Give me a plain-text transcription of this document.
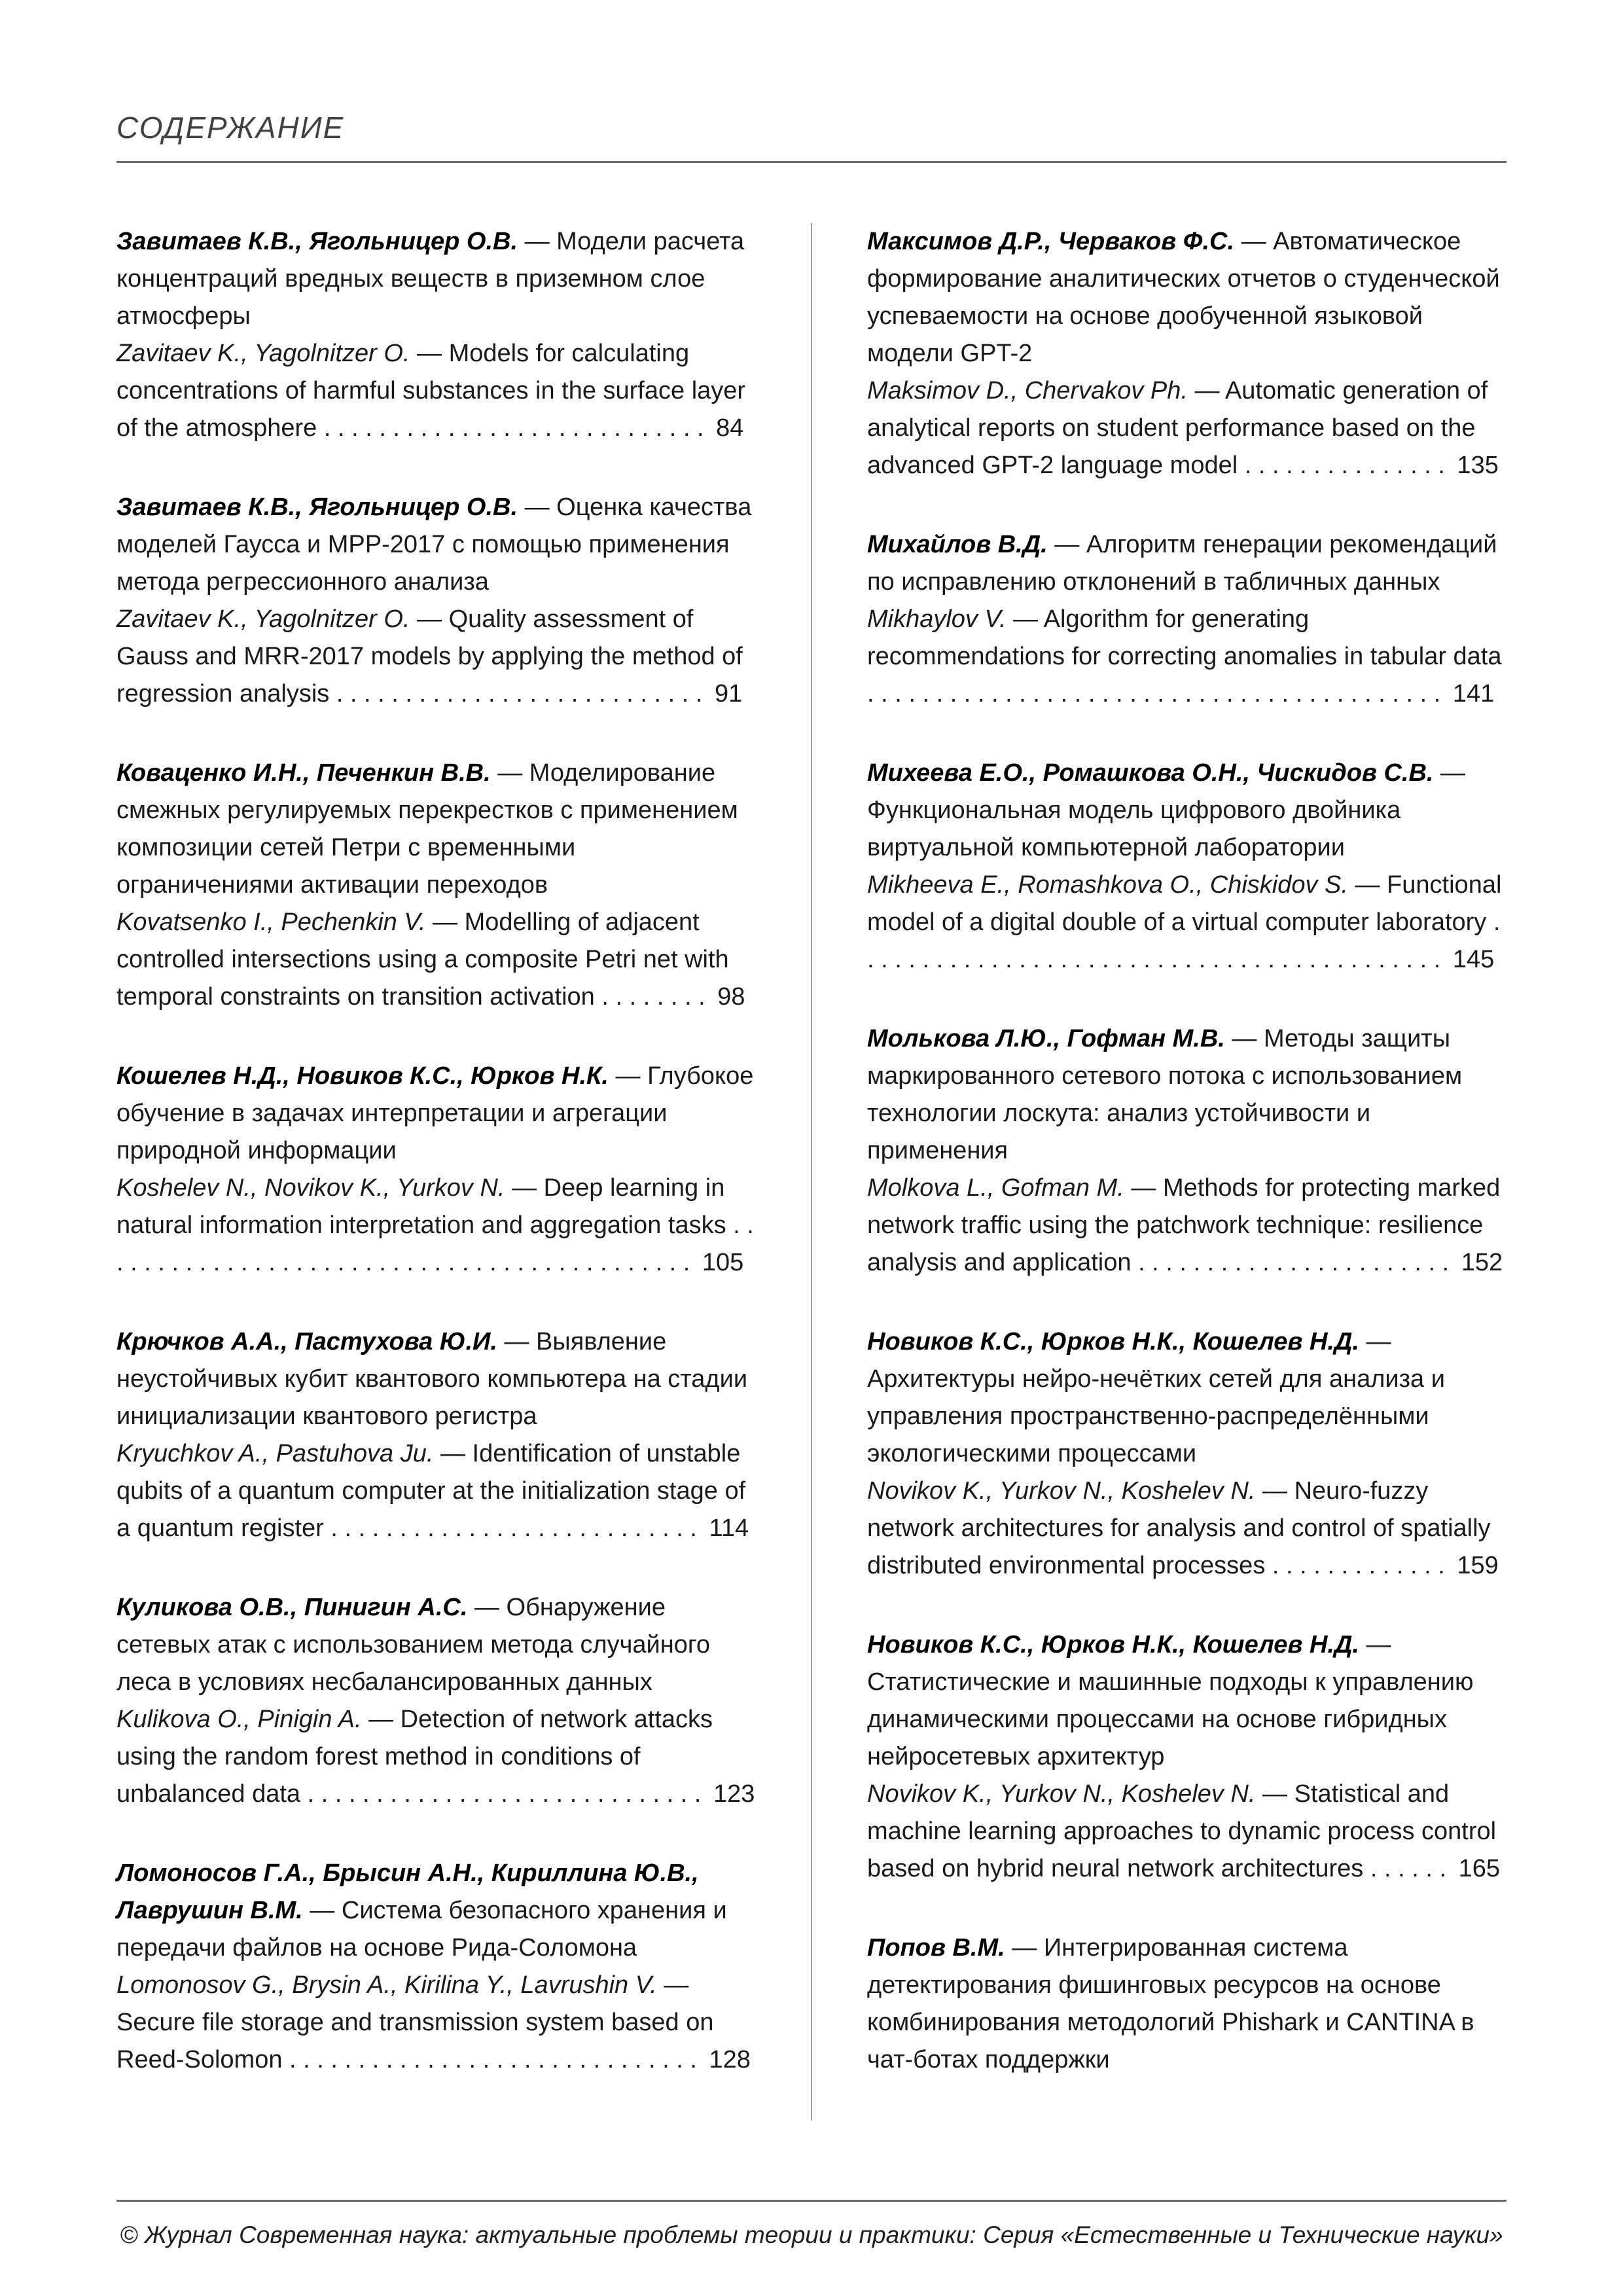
СОДЕРЖАНИЕ

Завитаев К.В., Ягольницер О.В. — Модели расчета концентраций вредных веществ в приземном слое атмосферы

Zavitaev K., Yagolnitzer O. — Models for calculating concentrations of harmful substances in the surface layer of the atmosphere . . . . . . . . . . . . . . . . . . . . . . . . . . . . 84

Завитаев К.В., Ягольницер О.В. — Оценка качества моделей Гаусса и МРР-2017 с помощью применения метода регрессионного анализа

Zavitaev K., Yagolnitzer O. — Quality assessment of Gauss and MRR-2017 models by applying the method of regression analysis . . . . . . . . . . . . . . . . . . . . . . . . . . . 91

Коваценко И.Н., Печенкин В.В. — Моделирование смежных регулируемых перекрестков с применением композиции сетей Петри с временными ограничениями активации переходов

Kovatsenko I., Pechenkin V. — Modelling of adjacent controlled intersections using a composite Petri net with temporal constraints on transition activation . . . . . . . . 98

Кошелев Н.Д., Новиков К.С., Юрков Н.К. — Глубокое обучение в задачах интерпретации и агрегации природной информации

Koshelev N., Novikov K., Yurkov N. — Deep learning in natural information interpretation and aggregation tasks . . . . . . . . . . . . . . . . . . . . . . . . . . . . . . . . . . . . . . . . . . . . 105

Крючков А.А., Пастухова Ю.И. — Выявление неустойчивых кубит квантового компьютера на стадии инициализации квантового регистра

Kryuchkov A., Pastuhova Ju. — Identification of unstable qubits of a quantum computer at the initialization stage of a quantum register . . . . . . . . . . . . . . . . . . . . . . . . . . . 114

Куликова О.В., Пинигин А.С. — Обнаружение сетевых атак с использованием метода случайного леса в условиях несбалансированных данных

Kulikova O., Pinigin A. — Detection of network attacks using the random forest method in conditions of unbalanced data . . . . . . . . . . . . . . . . . . . . . . . . . . . . . 123

Ломоносов Г.А., Брысин А.Н., Кириллина Ю.В., Лаврушин В.М. — Система безопасного хранения и передачи файлов на основе Рида-Соломона

Lomonosov G., Brysin A., Kirilina Y., Lavrushin V. — Secure file storage and transmission system based on Reed-Solomon . . . . . . . . . . . . . . . . . . . . . . . . . . . . . . 128

Максимов Д.Р., Черваков Ф.С. — Автоматическое формирование аналитических отчетов о студенческой успеваемости на основе дообученной языковой модели GPT-2

Maksimov D., Chervakov Ph. — Automatic generation of analytical reports on student performance based on the advanced GPT-2 language model . . . . . . . . . . . . . . . 135

Михайлов В.Д. — Алгоритм генерации рекомендаций по исправлению отклонений в табличных данных

Mikhaylov V. — Algorithm for generating recommendations for correcting anomalies in tabular data . . . . . . . . . . . . . . . . . . . . . . . . . . . . . . . . . . . . . . . . . . 141

Михеева Е.О., Ромашкова О.Н., Чискидов С.В. — Функциональная модель цифрового двойника виртуальной компьютерной лаборатории

Mikheeva E., Romashkova O., Chiskidov S. — Functional model of a digital double of a virtual computer laboratory . . . . . . . . . . . . . . . . . . . . . . . . . . . . . . . . . . . . . . . . . . . 145

Молькова Л.Ю., Гофман М.В. — Методы защиты маркированного сетевого потока с использованием технологии лоскута: анализ устойчивости и применения

Molkova L., Gofman M. — Methods for protecting marked network traffic using the patchwork technique: resilience analysis and application . . . . . . . . . . . . . . . . . . . . . . . 152

Новиков К.С., Юрков Н.К., Кошелев Н.Д. — Архитектуры нейро-нечётких сетей для анализа и управления пространственно-распределёнными экологическими процессами

Novikov K., Yurkov N., Koshelev N. — Neuro-fuzzy network architectures for analysis and control of spatially distributed environmental processes . . . . . . . . . . . . . 159

Новиков К.С., Юрков Н.К., Кошелев Н.Д. — Статистические и машинные подходы к управлению динамическими процессами на основе гибридных нейросетевых архитектур

Novikov K., Yurkov N., Koshelev N. — Statistical and machine learning approaches to dynamic process control based on hybrid neural network architectures . . . . . . 165

Попов В.М. — Интегрированная система детектирования фишинговых ресурсов на основе комбинирования методологий Phishark и CANTINA в чат-ботах поддержки

© Журнал Современная наука: актуальные проблемы теории и практики: Серия «Естественные и Технические науки»
